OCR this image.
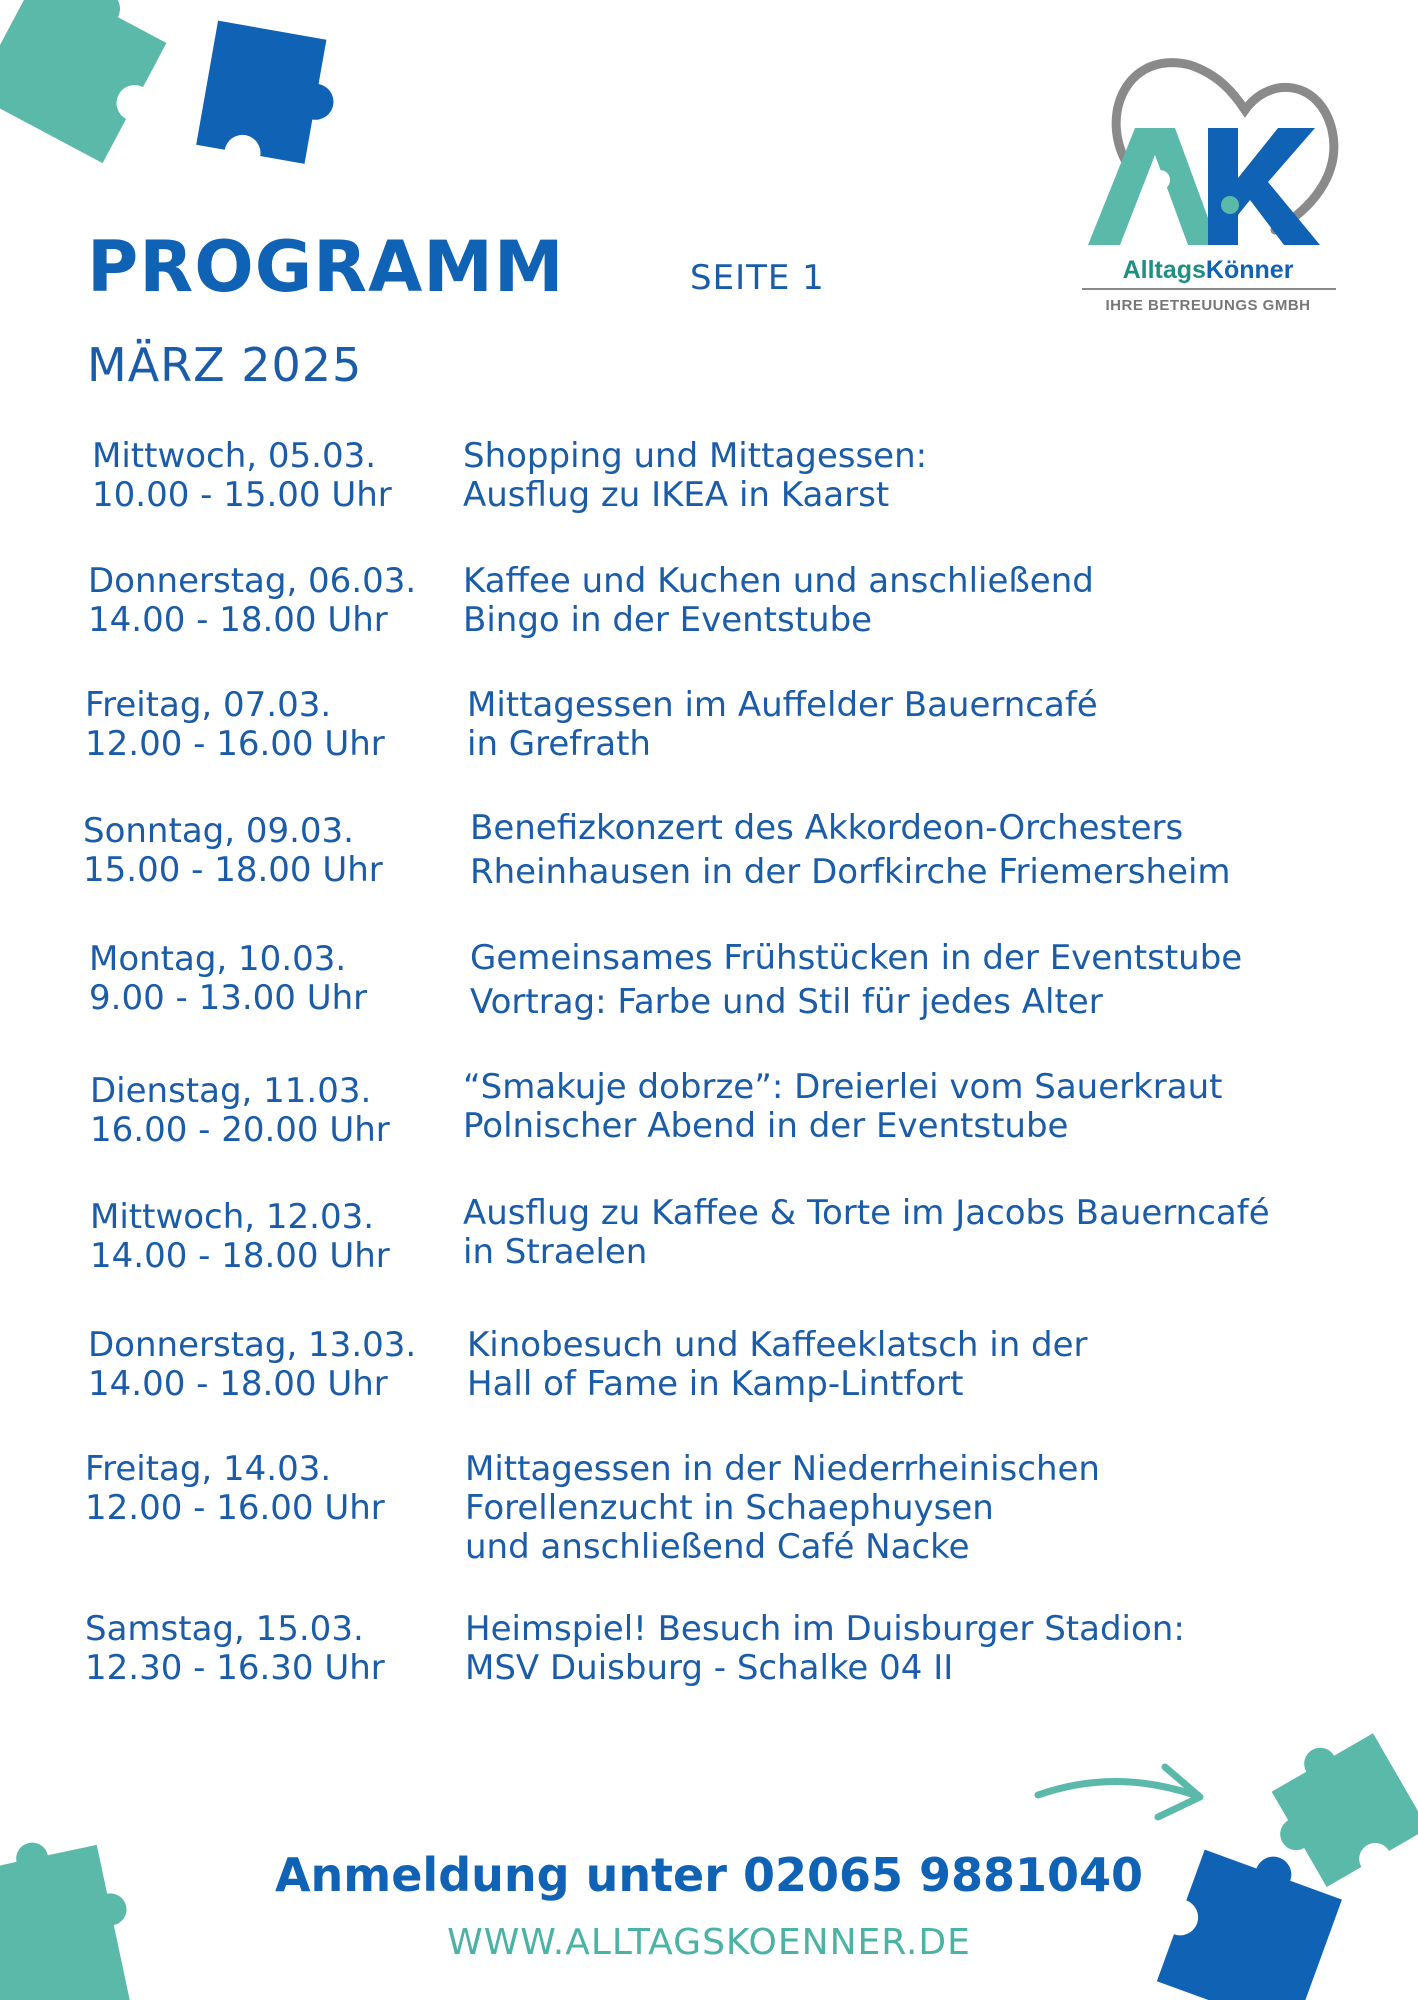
AlltagsKönner
IHRE BETREUUNGS GMBH
PROGRAMM	SEITE 1
MÄRZ 2025
Mittwoch, 05.03.
10.00 - 15.00 Uhr
Shopping und Mittagessen:
Ausflug zu IKEA in Kaarst
Donnerstag, 06.03.
14.00 - 18.00 Uhr
Kaffee und Kuchen und anschließend
Bingo in der Eventstube
Freitag, 07.03.
12.00 - 16.00 Uhr
Mittagessen im Auffelder Bauerncafé
in Grefrath
Sonntag, 09.03.
15.00 - 18.00 Uhr
Benefizkonzert des Akkordeon-Orchesters
Rheinhausen in der Dorfkirche Friemersheim
Montag, 10.03.
9.00 - 13.00 Uhr
Gemeinsames Frühstücken in der Eventstube
Vortrag: Farbe und Stil für jedes Alter
Dienstag, 11.03.
16.00 - 20.00 Uhr
“Smakuje dobrze”: Dreierlei vom Sauerkraut
Polnischer Abend in der Eventstube
Mittwoch, 12.03.
14.00 - 18.00 Uhr
Ausflug zu Kaffee & Torte im Jacobs Bauerncafé
in Straelen
Donnerstag, 13.03.
14.00 - 18.00 Uhr
Kinobesuch und Kaffeeklatsch in der
Hall of Fame in Kamp-Lintfort
Freitag, 14.03.
12.00 - 16.00 Uhr
Mittagessen in der Niederrheinischen
Forellenzucht in Schaephuysen
und anschließend Café Nacke
Samstag, 15.03.
12.30 - 16.30 Uhr
Heimspiel! Besuch im Duisburger Stadion:
MSV Duisburg - Schalke 04 II
Anmeldung unter 02065 9881040
WWW.ALLTAGSKOENNER.DE
